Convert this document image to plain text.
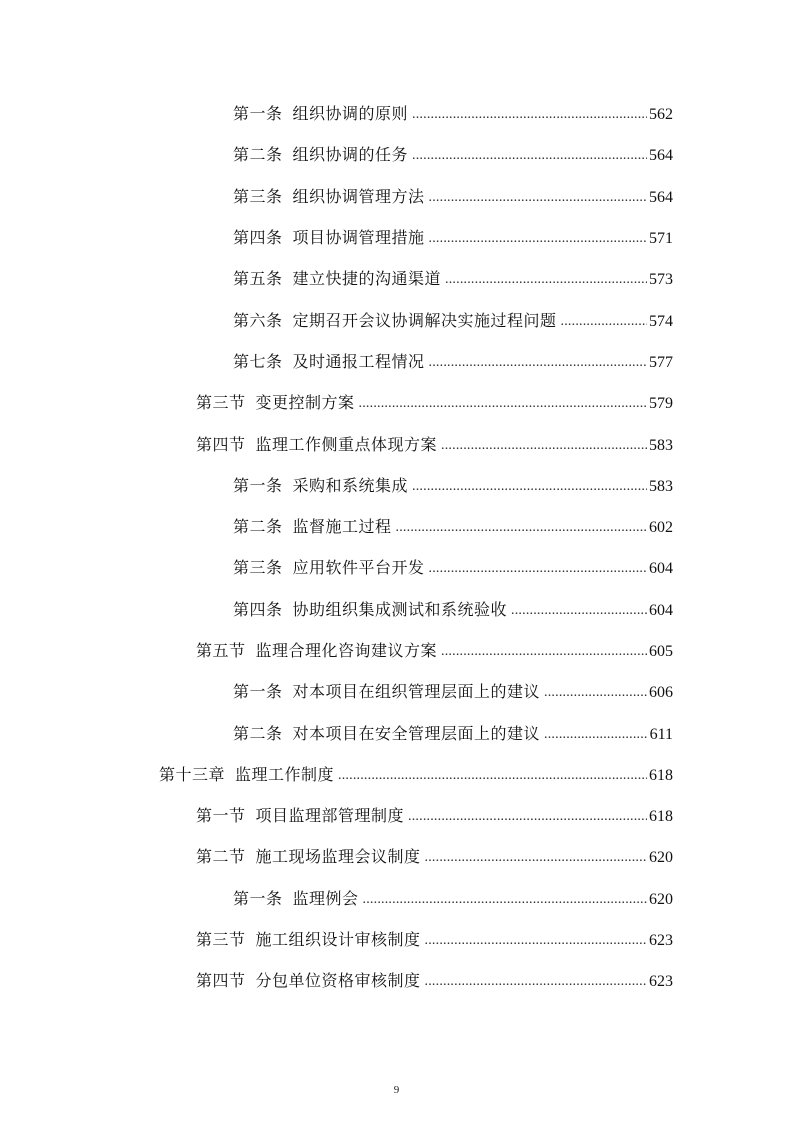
第一条 组织协调的原则 .....	562
第二条 组织协调的任务 .....	564
第三条 组织协调管理方法 .....	564
第四条 项目协调管理措施 .....	571
第五条 建立快捷的沟通渠道 .....	573
第六条 定期召开会议协调解决实施过程问题 .....	574
第七条 及时通报工程情况 .....	577
第三节 变更控制方案 .....	579
第四节 监理工作侧重点体现方案 .....	583
第一条 采购和系统集成 .....	583
第二条 监督施工过程 .....	602
第三条 应用软件平台开发 .....	604
第四条 协助组织集成测试和系统验收 .....	604
第五节 监理合理化咨询建议方案 .....	605
第一条 对本项目在组织管理层面上的建议 .....	606
第二条 对本项目在安全管理层面上的建议 .....	611
第十三章 监理工作制度 .....	618
第一节 项目监理部管理制度 .....	618
第二节 施工现场监理会议制度 .....	620
第一条 监理例会 .....	620
第三节 施工组织设计审核制度 .....	623
第四节 分包单位资格审核制度 .....	623
9
